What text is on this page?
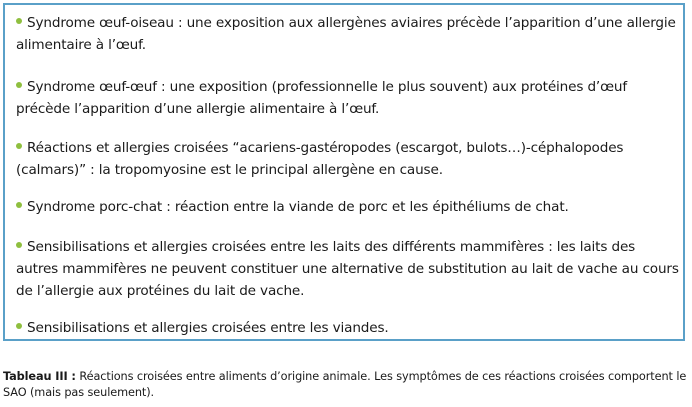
Syndrome œuf-oiseau : une exposition aux allergènes aviaires précède l’apparition d’une allergie alimentaire à l’œuf.
Syndrome œuf-œuf : une exposition (professionnelle le plus souvent) aux protéines d’œuf précède l’apparition d’une allergie alimentaire à l’œuf.
Réactions et allergies croisées “acariens-gastéropodes (escargot, bulots…)-céphalopodes (calmars)” : la tropomyosine est le principal allergène en cause.
Syndrome porc-chat : réaction entre la viande de porc et les épithéliums de chat.
Sensibilisations et allergies croisées entre les laits des différents mammifères : les laits des autres mammifères ne peuvent constituer une alternative de substitution au lait de vache au cours de l’allergie aux protéines du lait de vache.
Sensibilisations et allergies croisées entre les viandes.
Tableau III : Réactions croisées entre aliments d’origine animale. Les symptômes de ces réactions croisées comportent le SAO (mais pas seulement).
